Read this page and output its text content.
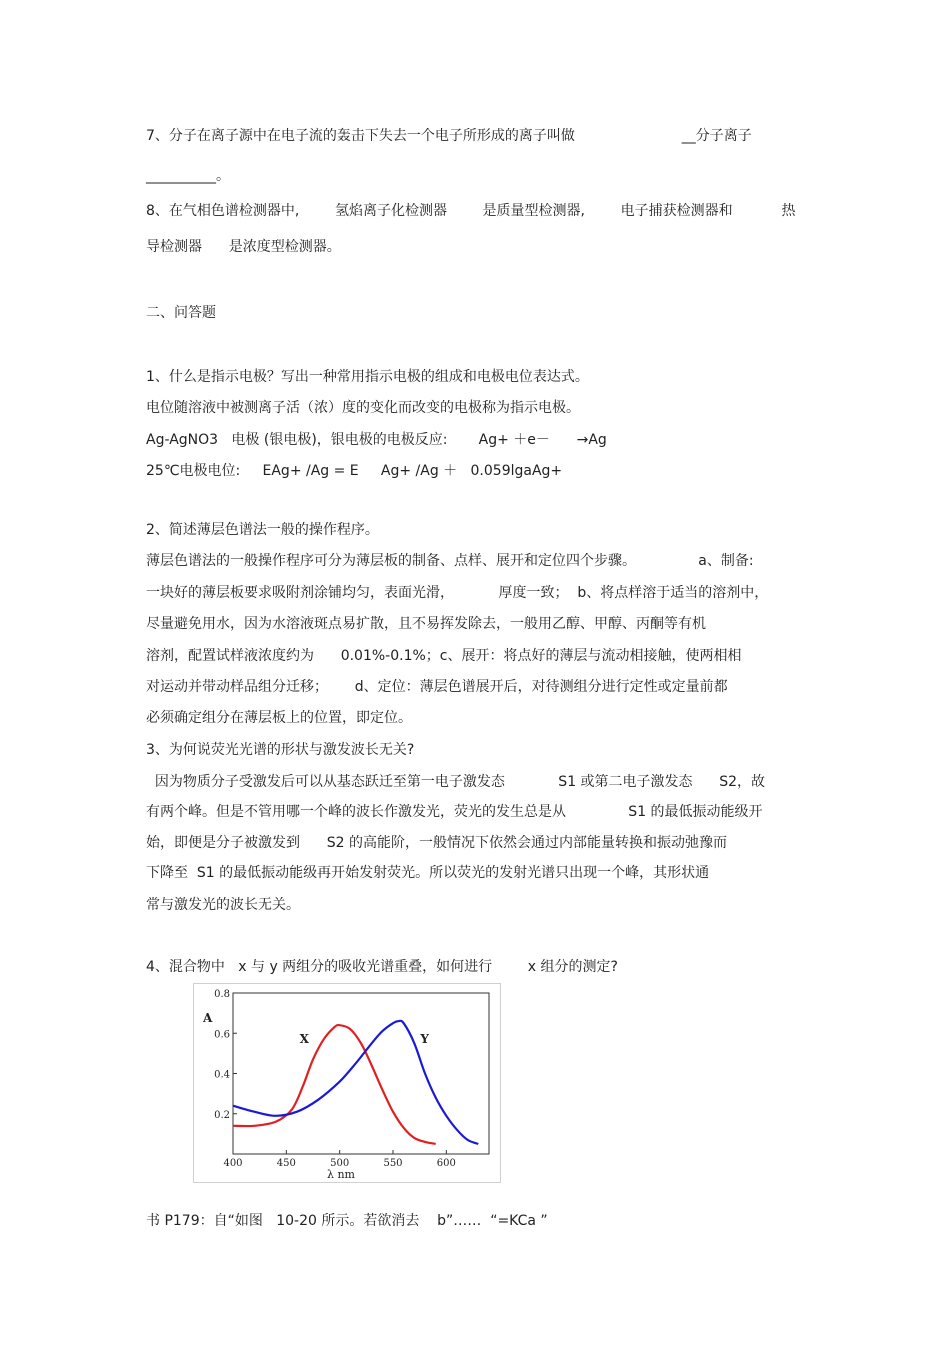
7、分子在离子源中在电子流的轰击下失去一个电子所形成的离子叫做                        __分子离子
__________。
8、在气相色谱检测器中,        氢焰离子化检测器        是质量型检测器,        电子捕获检测器和           热
导检测器      是浓度型检测器。
二、问答题
1、什么是指示电极？写出一种常用指示电极的组成和电极电位表达式。
电位随溶液中被测离子活（浓）度的变化而改变的电极称为指示电极。
Ag-AgNO3   电极 (银电极)，银电极的电极反应:       Ag+ ＋e－      →Ag
25℃电极电位:     EAg+ /Ag = E     Ag+ /Ag ＋   0.059lgaAg+
2、简述薄层色谱法一般的操作程序。
薄层色谱法的一般操作程序可分为薄层板的制备、点样、展开和定位四个步骤。              a、制备:
一块好的薄层板要求吸附剂涂铺均匀，表面光滑，          厚度一致；  b、将点样溶于适当的溶剂中，
尽量避免用水，因为水溶液斑点易扩散，且不易挥发除去，一般用乙醇、甲醇、丙酮等有机
溶剂，配置试样液浓度约为      0.01%-0.1%；c、展开：将点好的薄层与流动相接触，使两相相
对运动并带动样品组分迁移；      d、定位：薄层色谱展开后，对待测组分进行定性或定量前都
必须确定组分在薄层板上的位置，即定位。
3、为何说荧光光谱的形状与激发波长无关?
因为物质分子受激发后可以从基态跃迁至第一电子激发态            S1 或第二电子激发态      S2，故
有两个峰。但是不管用哪一个峰的波长作激发光，荧光的发生总是从              S1 的最低振动能级开
始，即便是分子被激发到      S2 的高能阶，一般情况下依然会通过内部能量转换和振动弛豫而
下降至  S1 的最低振动能级再开始发射荧光。所以荧光的发射光谱只出现一个峰，其形状通
常与激发光的波长无关。
4、混合物中   x 与 y 两组分的吸收光谱重叠，如何进行        x 组分的测定?
400	450	500	550	600
0.2
0.4
0.6
0.8
A
λ nm
X	Y
书 P179：自“如图   10-20 所示。若欲消去    b”……  “=KCa ”
